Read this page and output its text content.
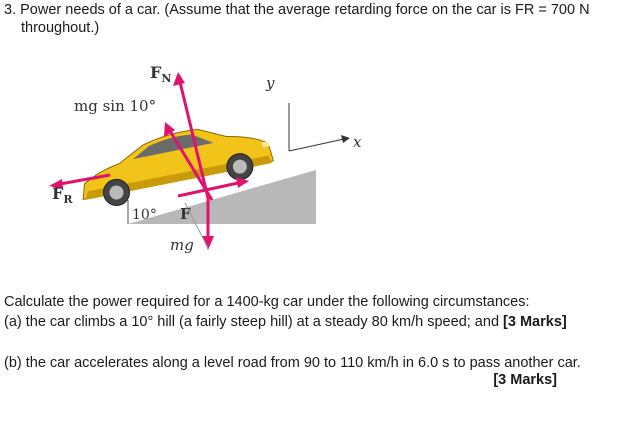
3. Power needs of a car. (Assume that the average retarding force on the car is FR = 700 N
throughout.)
y
x
$F_N$
mg sin 10°
$F_R$
10° F
mg
Calculate the power required for a 1400-kg car under the following circumstances:
(a) the car climbs a 10° hill (a fairly steep hill) at a steady 80 km/h speed; and [3 Marks]
(b) the car accelerates along a level road from 90 to 110 km/h in 6.0 s to pass another car.
[3 Marks]
